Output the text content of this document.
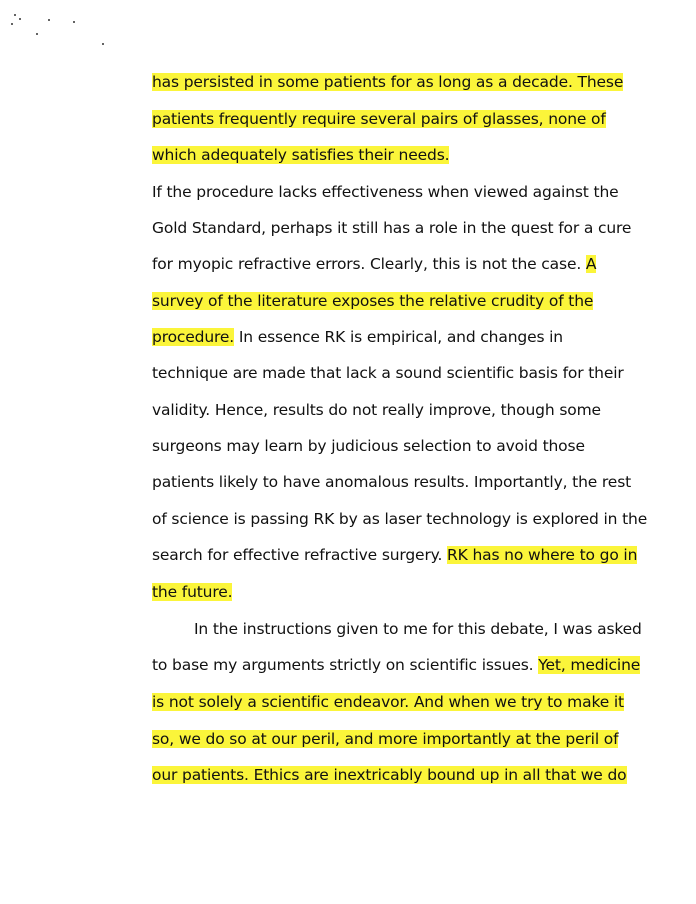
has persisted in some patients for as long as a decade. These
patients frequently require several pairs of glasses, none of
which adequately satisfies their needs.
If the procedure lacks effectiveness when viewed against the
Gold Standard, perhaps it still has a role in the quest for a cure
for myopic refractive errors. Clearly, this is not the case. A
survey of the literature exposes the relative crudity of the
procedure. In essence RK is empirical, and changes in
technique are made that lack a sound scientific basis for their
validity. Hence, results do not really improve, though some
surgeons may learn by judicious selection to avoid those
patients likely to have anomalous results. Importantly, the rest
of science is passing RK by as laser technology is explored in the
search for effective refractive surgery. RK has no where to go in
the future.
In the instructions given to me for this debate, I was asked
to base my arguments strictly on scientific issues. Yet, medicine
is not solely a scientific endeavor. And when we try to make it
so, we do so at our peril, and more importantly at the peril of
our patients. Ethics are inextricably bound up in all that we do
